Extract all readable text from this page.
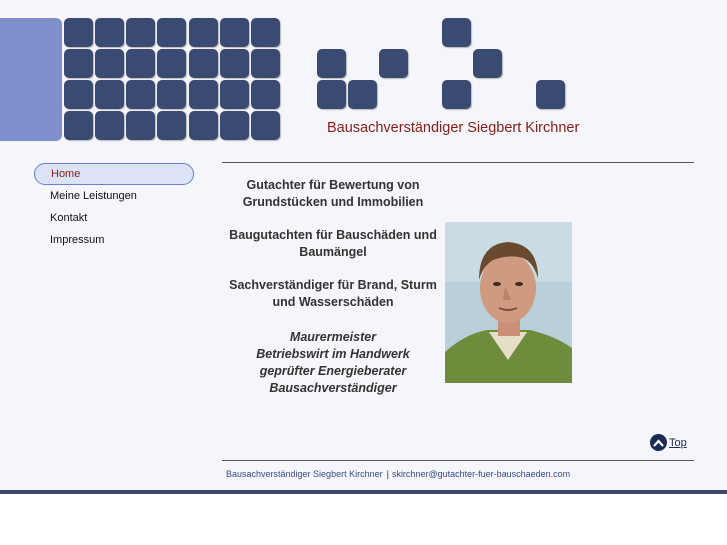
Bausachverständiger Siegbert Kirchner
Home
Meine Leistungen
Kontakt
Impressum

Gutachter für Bewertung von Grundstücken und Immobilien

Baugutachten für Bauschäden und Baumängel

Sachverständiger für Brand, Sturm und Wasserschäden

Maurermeister
Betriebswirt im Handwerk
geprüfter Energieberater
Bausachverständiger
Top
Bausachverständiger Siegbert Kirchner | skirchner@gutachter-fuer-bauschaeden.com
